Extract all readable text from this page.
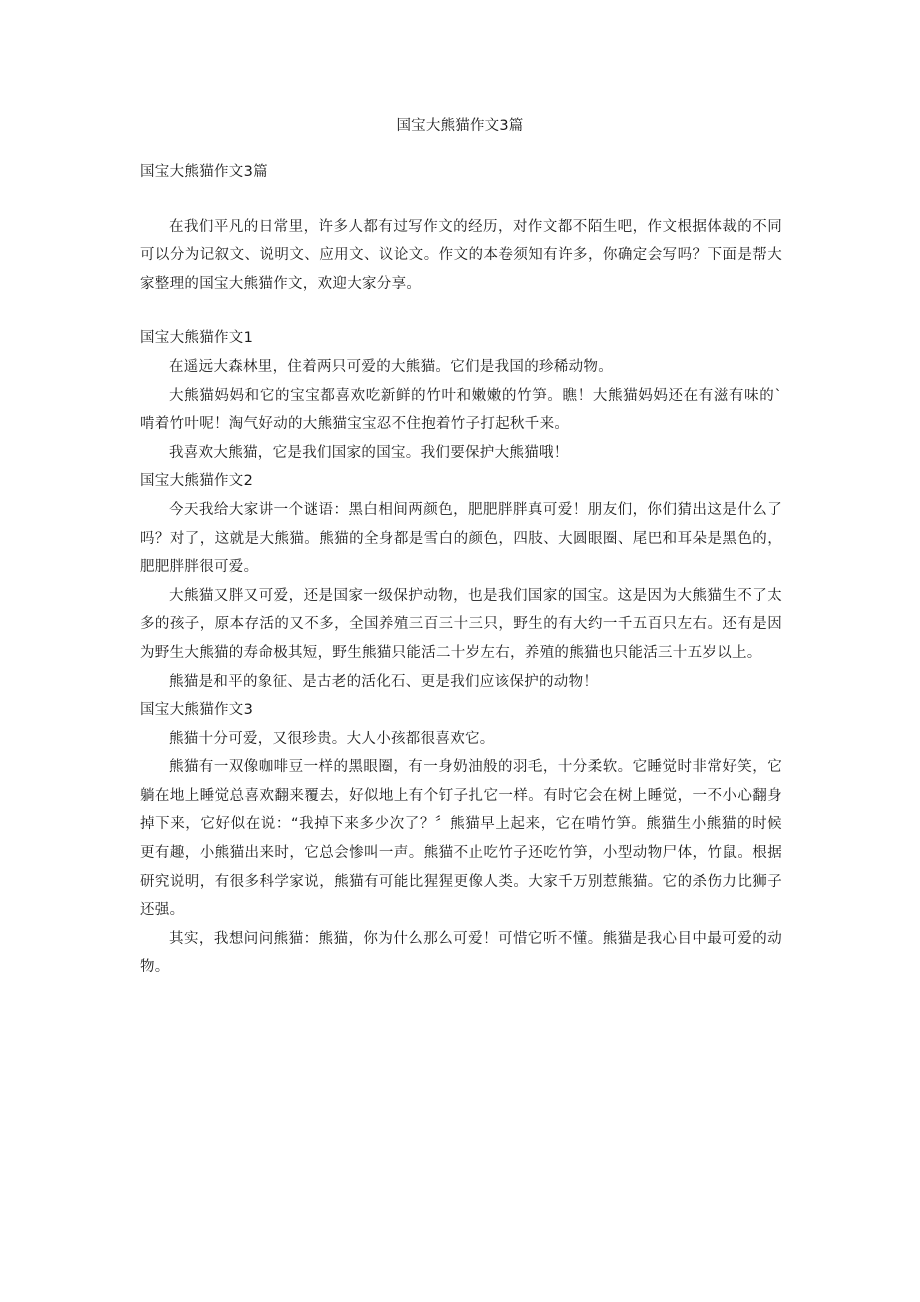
国宝大熊猫作文3篇

国宝大熊猫作文3篇

在我们平凡的日常里，许多人都有过写作文的经历，对作文都不陌生吧，作文根据体裁的不同可以分为记叙文、说明文、应用文、议论文。作文的本卷须知有许多，你确定会写吗？下面是帮大家整理的国宝大熊猫作文，欢迎大家分享。

国宝大熊猫作文1

在遥远大森林里，住着两只可爱的大熊猫。它们是我国的珍稀动物。

大熊猫妈妈和它的宝宝都喜欢吃新鲜的竹叶和嫩嫩的竹笋。瞧！大熊猫妈妈还在有滋有味的`啃着竹叶呢！淘气好动的大熊猫宝宝忍不住抱着竹子打起秋千来。

我喜欢大熊猫，它是我们国家的国宝。我们要保护大熊猫哦！

国宝大熊猫作文2

今天我给大家讲一个谜语：黑白相间两颜色，肥肥胖胖真可爱！朋友们，你们猜出这是什么了吗？对了，这就是大熊猫。熊猫的全身都是雪白的颜色，四肢、大圆眼圈、尾巴和耳朵是黑色的，肥肥胖胖很可爱。

大熊猫又胖又可爱，还是国家一级保护动物，也是我们国家的国宝。这是因为大熊猫生不了太多的孩子，原本存活的又不多，全国养殖三百三十三只，野生的有大约一千五百只左右。还有是因为野生大熊猫的寿命极其短，野生熊猫只能活二十岁左右，养殖的熊猫也只能活三十五岁以上。

熊猫是和平的象征、是古老的活化石、更是我们应该保护的动物！

国宝大熊猫作文3

熊猫十分可爱，又很珍贵。大人小孩都很喜欢它。

熊猫有一双像咖啡豆一样的黑眼圈，有一身奶油般的羽毛，十分柔软。它睡觉时非常好笑，它躺在地上睡觉总喜欢翻来覆去，好似地上有个钉子扎它一样。有时它会在树上睡觉，一不小心翻身掉下来，它好似在说：“我掉下来多少次了？〞熊猫早上起来，它在啃竹笋。熊猫生小熊猫的时候更有趣，小熊猫出来时，它总会惨叫一声。熊猫不止吃竹子还吃竹笋，小型动物尸体，竹鼠。根据研究说明，有很多科学家说，熊猫有可能比猩猩更像人类。大家千万别惹熊猫。它的杀伤力比狮子还强。

其实，我想问问熊猫：熊猫，你为什么那么可爱！可惜它听不懂。熊猫是我心目中最可爱的动物。
